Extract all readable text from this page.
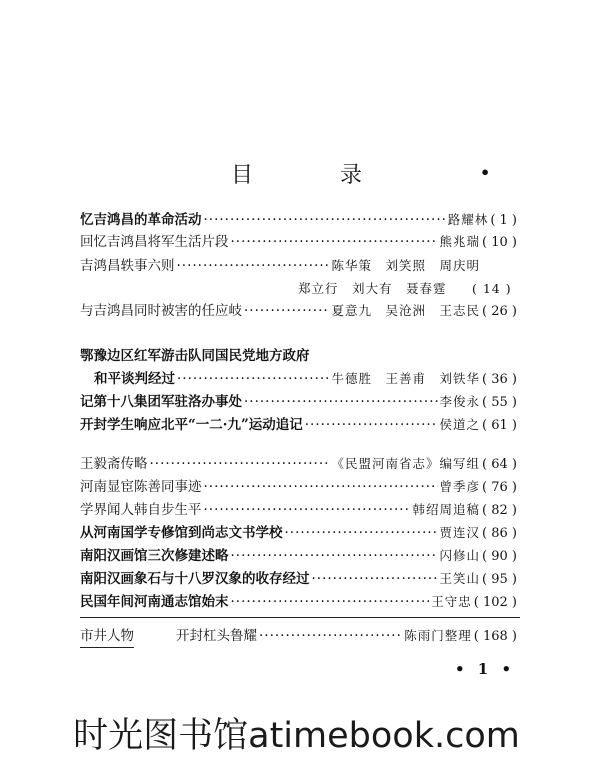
•
目 录
忆吉鸿昌的革命活动 ·····	路耀林 ( 1 )
回忆吉鸿昌将军生活片段 ·····	熊兆瑞 ( 10 )
吉鸿昌轶事六则 ·····	陈华策　刘笑照　周庆明
郑立行　刘大有　聂春霆 ( 14 )
与吉鸿昌同时被害的任应岐 ·····	夏意九　吴沧洲　王志民 ( 26 )
鄂豫边区红军游击队同国民党地方政府
和平谈判经过 ·····	牛德胜　王善甫　刘铁华 ( 36 )
记第十八集团军驻洛办事处 ·····	李俊永 ( 55 )
开封学生响应北平“一二·九”运动追记 ·····	侯道之 ( 61 )
王毅斋传略 ·····	《民盟河南省志》编写组 ( 64 )
河南显宦陈善同事迹 ·····	曾季彦 ( 76 )
学界闻人韩自步生平 ·····	韩绍周追稿 ( 82 )
从河南国学专修馆到尚志文书学校 ·····	贾连汉 ( 86 )
南阳汉画馆三次修建述略 ·····	闪修山 ( 90 )
南阳汉画象石与十八罗汉象的收存经过 ·····	王笑山 ( 95 )
民国年间河南通志馆始末 ·····	王守忠 ( 102 )
市井人物	开封杠头鲁耀 ·····	陈雨门整理 ( 168 )
• 1 •
时光图书馆atimebook.com
